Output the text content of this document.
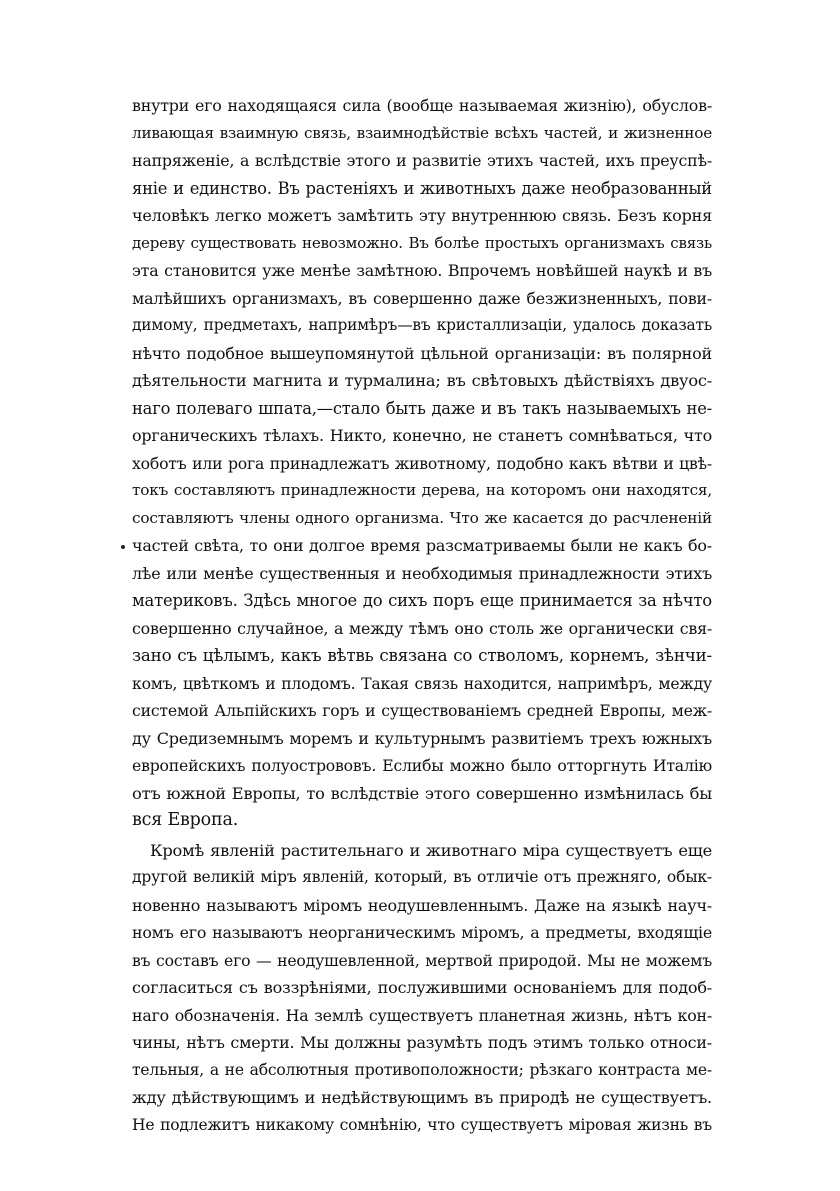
внутри его находящаяся сила (вообще называемая жизнію), обуслов-
ливающая взаимную связь, взаимнодѣйствіе всѣхъ частей, и жизненное
напряженіе, а вслѣдствіе этого и развитіе этихъ частей, ихъ преуспѣ-
яніе и единство. Въ растеніяхъ и животныхъ даже необразованный
человѣкъ легко можетъ замѣтить эту внутреннюю связь. Безъ корня
дереву существовать невозможно. Въ болѣе простыхъ организмахъ связь
эта становится уже менѣе замѣтною. Впрочемъ новѣйшей наукѣ и въ
малѣйшихъ организмахъ, въ совершенно даже безжизненныхъ, пови-
димому, предметахъ, напримѣръ—въ кристаллизаціи, удалось доказать
нѣчто подобное вышеупомянутой цѣльной организаціи: въ полярной
дѣятельности магнита и турмалина; въ свѣтовыхъ дѣйствіяхъ двуос-
наго полеваго шпата,—стало быть даже и въ такъ называемыхъ не-
органическихъ тѣлахъ. Никто, конечно, не станетъ сомнѣваться, что
хоботъ или рога принадлежатъ животному, подобно какъ вѣтви и цвѣ-
токъ составляютъ принадлежности дерева, на которомъ они находятся,
составляютъ члены одного организма. Что же касается до расчлененій
частей свѣта, то они долгое время разсматриваемы были не какъ бо-
лѣе или менѣе существенныя и необходимыя принадлежности этихъ
материковъ. Здѣсь многое до сихъ поръ еще принимается за нѣчто
совершенно случайное, а между тѣмъ оно столь же органически свя-
зано съ цѣлымъ, какъ вѣтвь связана со стволомъ, корнемъ, зѣнчи-
комъ, цвѣткомъ и плодомъ. Такая связь находится, напримѣръ, между
системой Альпійскихъ горъ и существованіемъ средней Европы, меж-
ду Средиземнымъ моремъ и культурнымъ развитіемъ трехъ южныхъ
европейскихъ полуострововъ. Еслибы можно было отторгнуть Италію
отъ южной Европы, то вслѣдствіе этого совершенно измѣнилась бы
вся Европа.
Кромѣ явленій растительнаго и животнаго міра существуетъ еще
другой великій міръ явленій, который, въ отличіе отъ прежняго, обык-
новенно называютъ міромъ неодушевленнымъ. Даже на языкѣ науч-
номъ его называютъ неорганическимъ міромъ, а предметы, входящіе
въ составъ его — неодушевленной, мертвой природой. Мы не можемъ
согласиться съ воззрѣніями, послужившими основаніемъ для подоб-
наго обозначенія. На землѣ существуетъ планетная жизнь, нѣтъ кон-
чины, нѣтъ смерти. Мы должны разумѣть подъ этимъ только относи-
тельныя, а не абсолютныя противоположности; рѣзкаго контраста ме-
жду дѣйствующимъ и недѣйствующимъ въ природѣ не существуетъ.
Не подлежитъ никакому сомнѣнію, что существуетъ міровая жизнь въ
